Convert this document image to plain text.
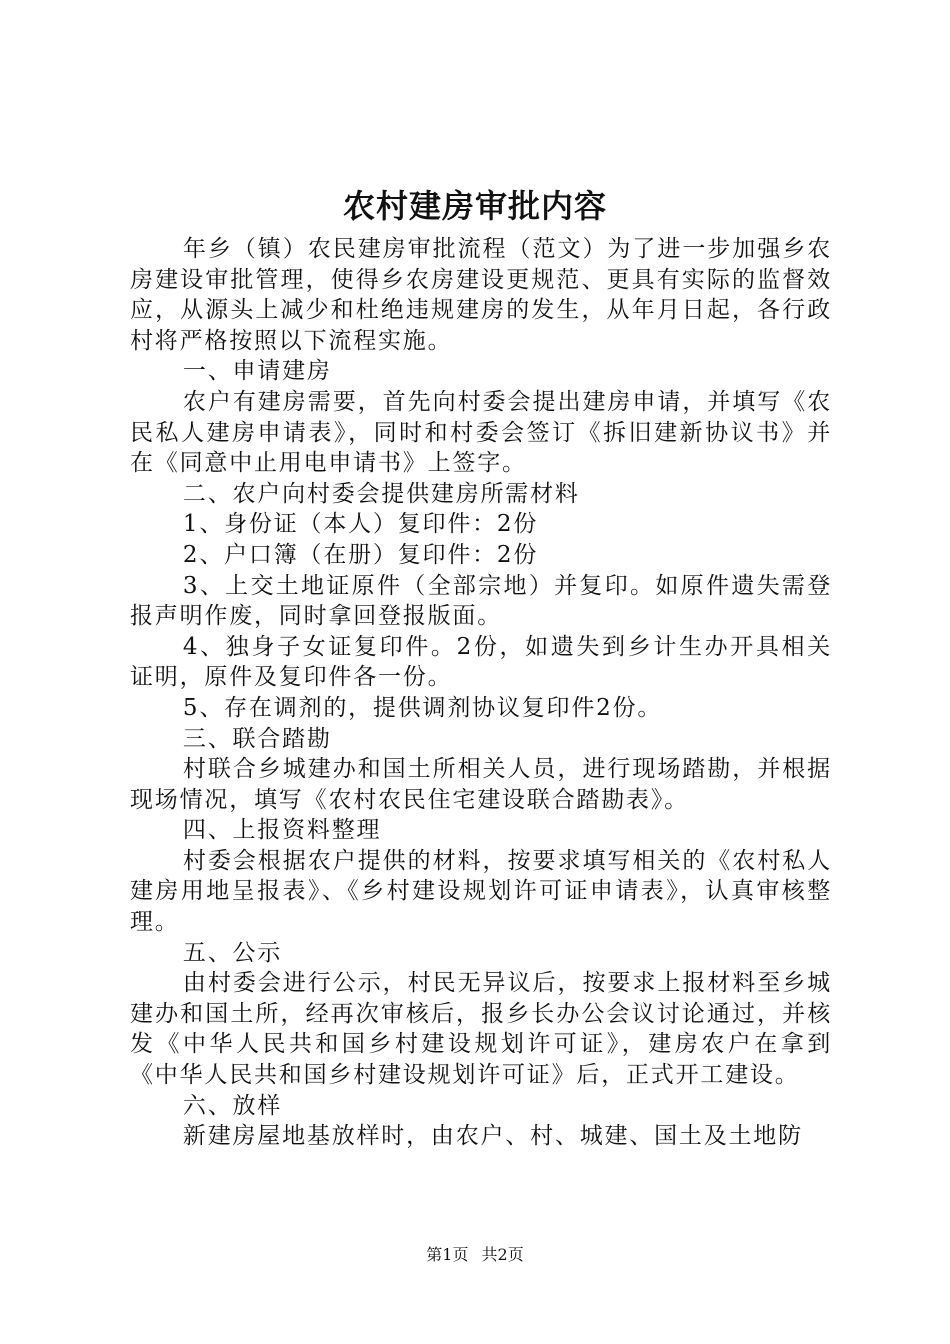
农村建房审批内容

年乡（镇）农民建房审批流程（范文）为了进一步加强乡农房建设审批管理，使得乡农房建设更规范、更具有实际的监督效应，从源头上减少和杜绝违规建房的发生，从年月日起，各行政村将严格按照以下流程实施。

一、申请建房

农户有建房需要，首先向村委会提出建房申请，并填写《农民私人建房申请表》，同时和村委会签订《拆旧建新协议书》并在《同意中止用电申请书》上签字。

二、农户向村委会提供建房所需材料

1、身份证（本人）复印件：2份

2、户口簿（在册）复印件：2份

3、上交土地证原件（全部宗地）并复印。如原件遗失需登报声明作废，同时拿回登报版面。

4、独身子女证复印件。2份，如遗失到乡计生办开具相关证明，原件及复印件各一份。

5、存在调剂的，提供调剂协议复印件2份。

三、联合踏勘

村联合乡城建办和国土所相关人员，进行现场踏勘，并根据现场情况，填写《农村农民住宅建设联合踏勘表》。

四、上报资料整理

村委会根据农户提供的材料，按要求填写相关的《农村私人建房用地呈报表》、《乡村建设规划许可证申请表》，认真审核整理。

五、公示

由村委会进行公示，村民无异议后，按要求上报材料至乡城建办和国土所，经再次审核后，报乡长办公会议讨论通过，并核发《中华人民共和国乡村建设规划许可证》，建房农户在拿到《中华人民共和国乡村建设规划许可证》后，正式开工建设。

六、放样

新建房屋地基放样时，由农户、村、城建、国土及土地防

第1页 共2页
